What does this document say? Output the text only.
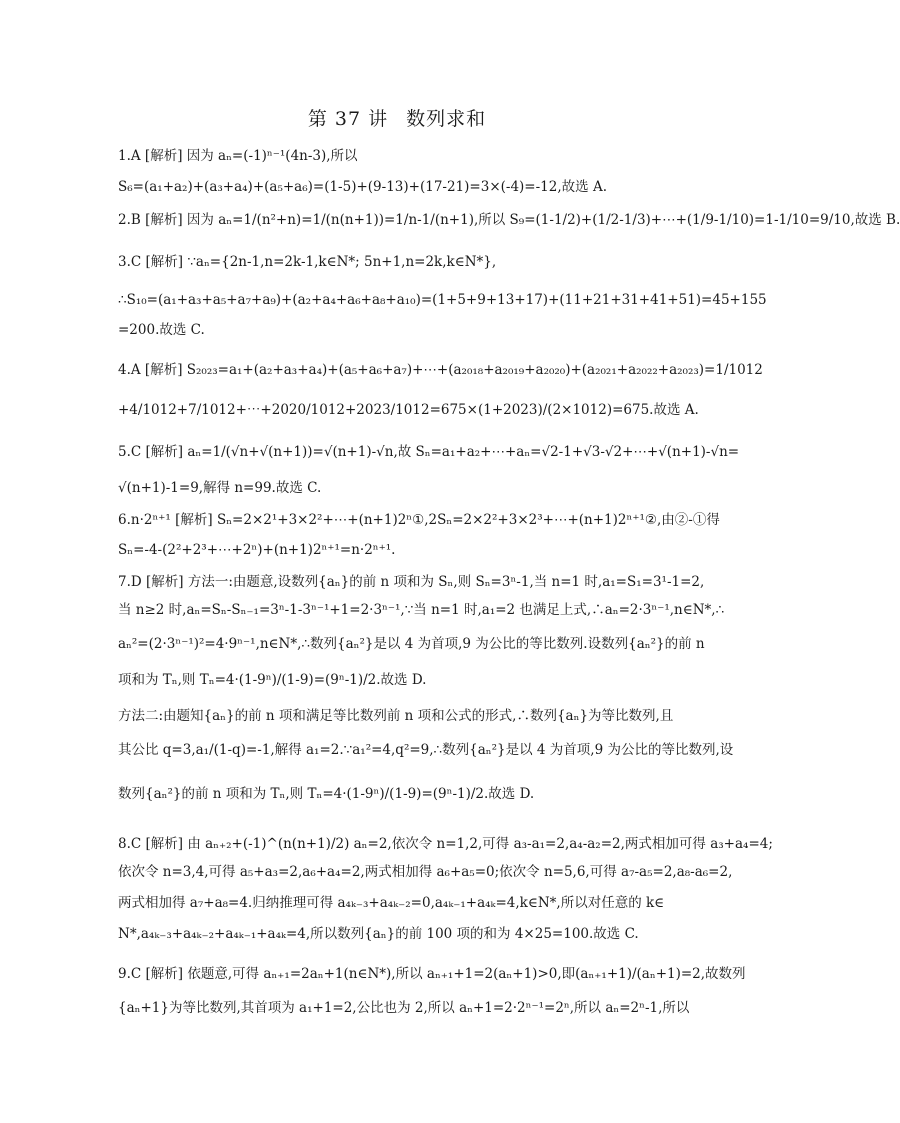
第 37 讲 数列求和
1.A [解析] 因为 aₙ=(-1)ⁿ⁻¹(4n-3),所以
S₆=(a₁+a₂)+(a₃+a₄)+(a₅+a₆)=(1-5)+(9-13)+(17-21)=3×(-4)=-12,故选 A.
2.B [解析] 因为 aₙ=1/(n²+n)=1/(n(n+1))=1/n-1/(n+1),所以 S₉=(1-1/2)+(1/2-1/3)+⋯+(1/9-1/10)=1-1/10=9/10,故选 B.
3.C [解析] ∵aₙ={2n-1,n=2k-1,k∈N*; 5n+1,n=2k,k∈N*},
∴S₁₀=(a₁+a₃+a₅+a₇+a₉)+(a₂+a₄+a₆+a₈+a₁₀)=(1+5+9+13+17)+(11+21+31+41+51)=45+155
=200.故选 C.
4.A [解析] S₂₀₂₃=a₁+(a₂+a₃+a₄)+(a₅+a₆+a₇)+⋯+(a₂₀₁₈+a₂₀₁₉+a₂₀₂₀)+(a₂₀₂₁+a₂₀₂₂+a₂₀₂₃)=1/1012
+4/1012+7/1012+⋯+2020/1012+2023/1012=675×(1+2023)/(2×1012)=675.故选 A.
5.C [解析] aₙ=1/(√n+√(n+1))=√(n+1)-√n,故 Sₙ=a₁+a₂+⋯+aₙ=√2-1+√3-√2+⋯+√(n+1)-√n=
√(n+1)-1=9,解得 n=99.故选 C.
6.n·2ⁿ⁺¹ [解析] Sₙ=2×2¹+3×2²+⋯+(n+1)2ⁿ①,2Sₙ=2×2²+3×2³+⋯+(n+1)2ⁿ⁺¹②,由②-①得
Sₙ=-4-(2²+2³+⋯+2ⁿ)+(n+1)2ⁿ⁺¹=n·2ⁿ⁺¹.
7.D [解析] 方法一:由题意,设数列{aₙ}的前 n 项和为 Sₙ,则 Sₙ=3ⁿ-1,当 n=1 时,a₁=S₁=3¹-1=2,
当 n≥2 时,aₙ=Sₙ-Sₙ₋₁=3ⁿ-1-3ⁿ⁻¹+1=2·3ⁿ⁻¹,∵当 n=1 时,a₁=2 也满足上式,∴aₙ=2·3ⁿ⁻¹,n∈N*,∴
aₙ²=(2·3ⁿ⁻¹)²=4·9ⁿ⁻¹,n∈N*,∴数列{aₙ²}是以 4 为首项,9 为公比的等比数列.设数列{aₙ²}的前 n
项和为 Tₙ,则 Tₙ=4·(1-9ⁿ)/(1-9)=(9ⁿ-1)/2.故选 D.
方法二:由题知{aₙ}的前 n 项和满足等比数列前 n 项和公式的形式,∴数列{aₙ}为等比数列,且
其公比 q=3,a₁/(1-q)=-1,解得 a₁=2.∵a₁²=4,q²=9,∴数列{aₙ²}是以 4 为首项,9 为公比的等比数列,设
数列{aₙ²}的前 n 项和为 Tₙ,则 Tₙ=4·(1-9ⁿ)/(1-9)=(9ⁿ-1)/2.故选 D.
8.C [解析] 由 aₙ₊₂+(-1)^(n(n+1)/2) aₙ=2,依次令 n=1,2,可得 a₃-a₁=2,a₄-a₂=2,两式相加可得 a₃+a₄=4;
依次令 n=3,4,可得 a₅+a₃=2,a₆+a₄=2,两式相加得 a₆+a₅=0;依次令 n=5,6,可得 a₇-a₅=2,a₈-a₆=2,
两式相加得 a₇+a₈=4.归纳推理可得 a₄ₖ₋₃+a₄ₖ₋₂=0,a₄ₖ₋₁+a₄ₖ=4,k∈N*,所以对任意的 k∈
N*,a₄ₖ₋₃+a₄ₖ₋₂+a₄ₖ₋₁+a₄ₖ=4,所以数列{aₙ}的前 100 项的和为 4×25=100.故选 C.
9.C [解析] 依题意,可得 aₙ₊₁=2aₙ+1(n∈N*),所以 aₙ₊₁+1=2(aₙ+1)>0,即(aₙ₊₁+1)/(aₙ+1)=2,故数列
{aₙ+1}为等比数列,其首项为 a₁+1=2,公比也为 2,所以 aₙ+1=2·2ⁿ⁻¹=2ⁿ,所以 aₙ=2ⁿ-1,所以
